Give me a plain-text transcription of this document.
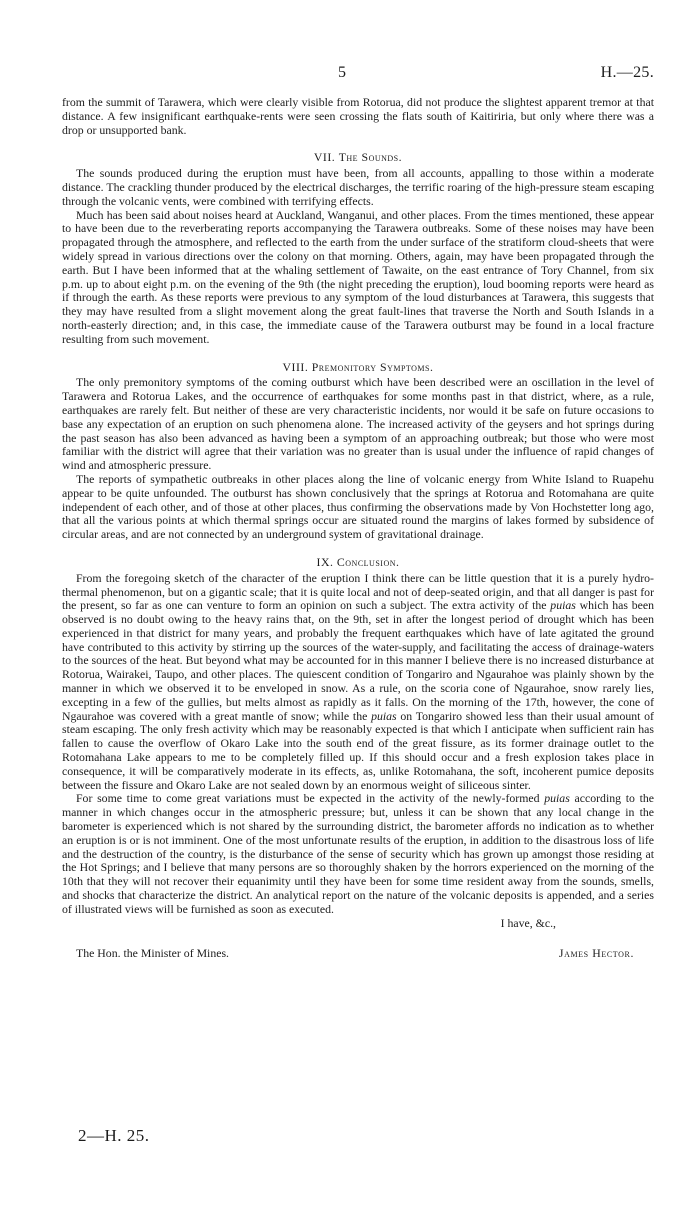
5	H.—25.

from the summit of Tarawera, which were clearly visible from Rotorua, did not produce the slightest apparent tremor at that distance. A few insignificant earthquake-rents were seen crossing the flats south of Kaitiriria, but only where there was a drop or unsupported bank.

VII. The Sounds.

The sounds produced during the eruption must have been, from all accounts, appalling to those within a moderate distance. The crackling thunder produced by the electrical discharges, the terrific roaring of the high-pressure steam escaping through the volcanic vents, were combined with terrifying effects.

Much has been said about noises heard at Auckland, Wanganui, and other places. From the times mentioned, these appear to have been due to the reverberating reports accompanying the Tarawera outbreaks. Some of these noises may have been propagated through the atmosphere, and reflected to the earth from the under surface of the stratiform cloud-sheets that were widely spread in various directions over the colony on that morning. Others, again, may have been propagated through the earth. But I have been informed that at the whaling settlement of Tawaite, on the east entrance of Tory Channel, from six p.m. up to about eight p.m. on the evening of the 9th (the night preceding the eruption), loud booming reports were heard as if through the earth. As these reports were previous to any symptom of the loud disturbances at Tarawera, this suggests that they may have resulted from a slight movement along the great fault-lines that traverse the North and South Islands in a north-easterly direction; and, in this case, the immediate cause of the Tarawera outburst may be found in a local fracture resulting from such movement.

VIII. Premonitory Symptoms.

The only premonitory symptoms of the coming outburst which have been described were an oscillation in the level of Tarawera and Rotorua Lakes, and the occurrence of earthquakes for some months past in that district, where, as a rule, earthquakes are rarely felt. But neither of these are very characteristic incidents, nor would it be safe on future occasions to base any expectation of an eruption on such phenomena alone. The increased activity of the geysers and hot springs during the past season has also been advanced as having been a symptom of an approaching outbreak; but those who were most familiar with the district will agree that their variation was no greater than is usual under the influence of rapid changes of wind and atmospheric pressure.

The reports of sympathetic outbreaks in other places along the line of volcanic energy from White Island to Ruapehu appear to be quite unfounded. The outburst has shown conclusively that the springs at Rotorua and Rotomahana are quite independent of each other, and of those at other places, thus confirming the observations made by Von Hochstetter long ago, that all the various points at which thermal springs occur are situated round the margins of lakes formed by subsidence of circular areas, and are not connected by an underground system of gravitational drainage.

IX. Conclusion.

From the foregoing sketch of the character of the eruption I think there can be little question that it is a purely hydro-thermal phenomenon, but on a gigantic scale; that it is quite local and not of deep-seated origin, and that all danger is past for the present, so far as one can venture to form an opinion on such a subject. The extra activity of the puias which has been observed is no doubt owing to the heavy rains that, on the 9th, set in after the longest period of drought which has been experienced in that district for many years, and probably the frequent earthquakes which have of late agitated the ground have contributed to this activity by stirring up the sources of the water-supply, and facilitating the access of drainage-waters to the sources of the heat. But beyond what may be accounted for in this manner I believe there is no increased disturbance at Rotorua, Wairakei, Taupo, and other places. The quiescent condition of Tongariro and Ngaurahoe was plainly shown by the manner in which we observed it to be enveloped in snow. As a rule, on the scoria cone of Ngaurahoe, snow rarely lies, excepting in a few of the gullies, but melts almost as rapidly as it falls. On the morning of the 17th, however, the cone of Ngaurahoe was covered with a great mantle of snow; while the puias on Tongariro showed less than their usual amount of steam escaping. The only fresh activity which may be reasonably expected is that which I anticipate when sufficient rain has fallen to cause the overflow of Okaro Lake into the south end of the great fissure, as its former drainage outlet to the Rotomahana Lake appears to me to be completely filled up. If this should occur and a fresh explosion takes place in consequence, it will be comparatively moderate in its effects, as, unlike Rotomahana, the soft, incoherent pumice deposits between the fissure and Okaro Lake are not sealed down by an enormous weight of siliceous sinter.

For some time to come great variations must be expected in the activity of the newly-formed puias according to the manner in which changes occur in the atmospheric pressure; but, unless it can be shown that any local change in the barometer is experienced which is not shared by the surrounding district, the barometer affords no indication as to whether an eruption is or is not imminent. One of the most unfortunate results of the eruption, in addition to the disastrous loss of life and the destruction of the country, is the disturbance of the sense of security which has grown up amongst those residing at the Hot Springs; and I believe that many persons are so thoroughly shaken by the horrors experienced on the morning of the 10th that they will not recover their equanimity until they have been for some time resident away from the sounds, smells, and shocks that characterize the district. An analytical report on the nature of the volcanic deposits is appended, and a series of illustrated views will be furnished as soon as executed.

I have, &c.,
The Hon. the Minister of Mines.	James Hector.
2—H. 25.
